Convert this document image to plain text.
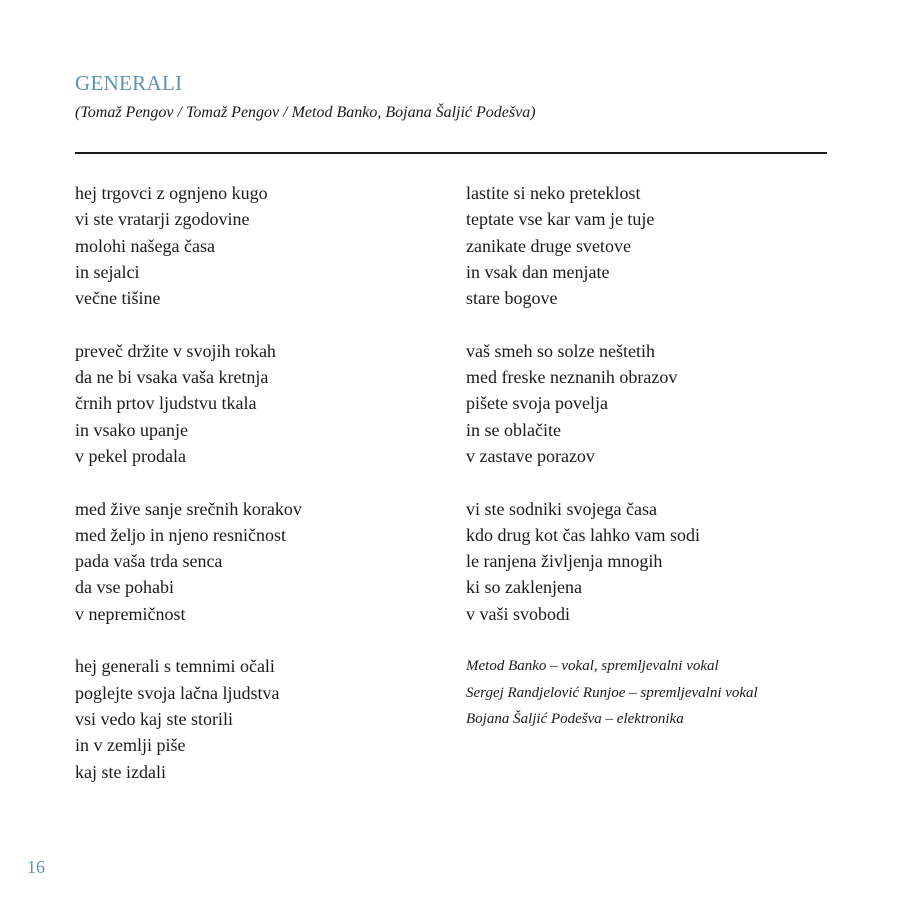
GENERALI

(Tomaž Pengov / Tomaž Pengov / Metod Banko, Bojana Šaljić Podešva)

hej trgovci z ognjeno kugo
vi ste vratarji zgodovine
molohi našega časa
in sejalci
večne tišine
preveč držite v svojih rokah
da ne bi vsaka vaša kretnja
črnih prtov ljudstvu tkala
in vsako upanje
v pekel prodala
med žive sanje srečnih korakov
med željo in njeno resničnost
pada vaša trda senca
da vse pohabi
v nepremičnost
hej generali s temnimi očali
poglejte svoja lačna ljudstva
vsi vedo kaj ste storili
in v zemlji piše
kaj ste izdali
lastite si neko preteklost
teptate vse kar vam je tuje
zanikate druge svetove
in vsak dan menjate
stare bogove
vaš smeh so solze neštetih
med freske neznanih obrazov
pišete svoja povelja
in se oblačite
v zastave porazov
vi ste sodniki svojega časa
kdo drug kot čas lahko vam sodi
le ranjena življenja mnogih
ki so zaklenjena
v vaši svobodi
Metod Banko – vokal, spremljevalni vokal
Sergej Randjelović Runjoe – spremljevalni vokal
Bojana Šaljić Podešva – elektronika
16
